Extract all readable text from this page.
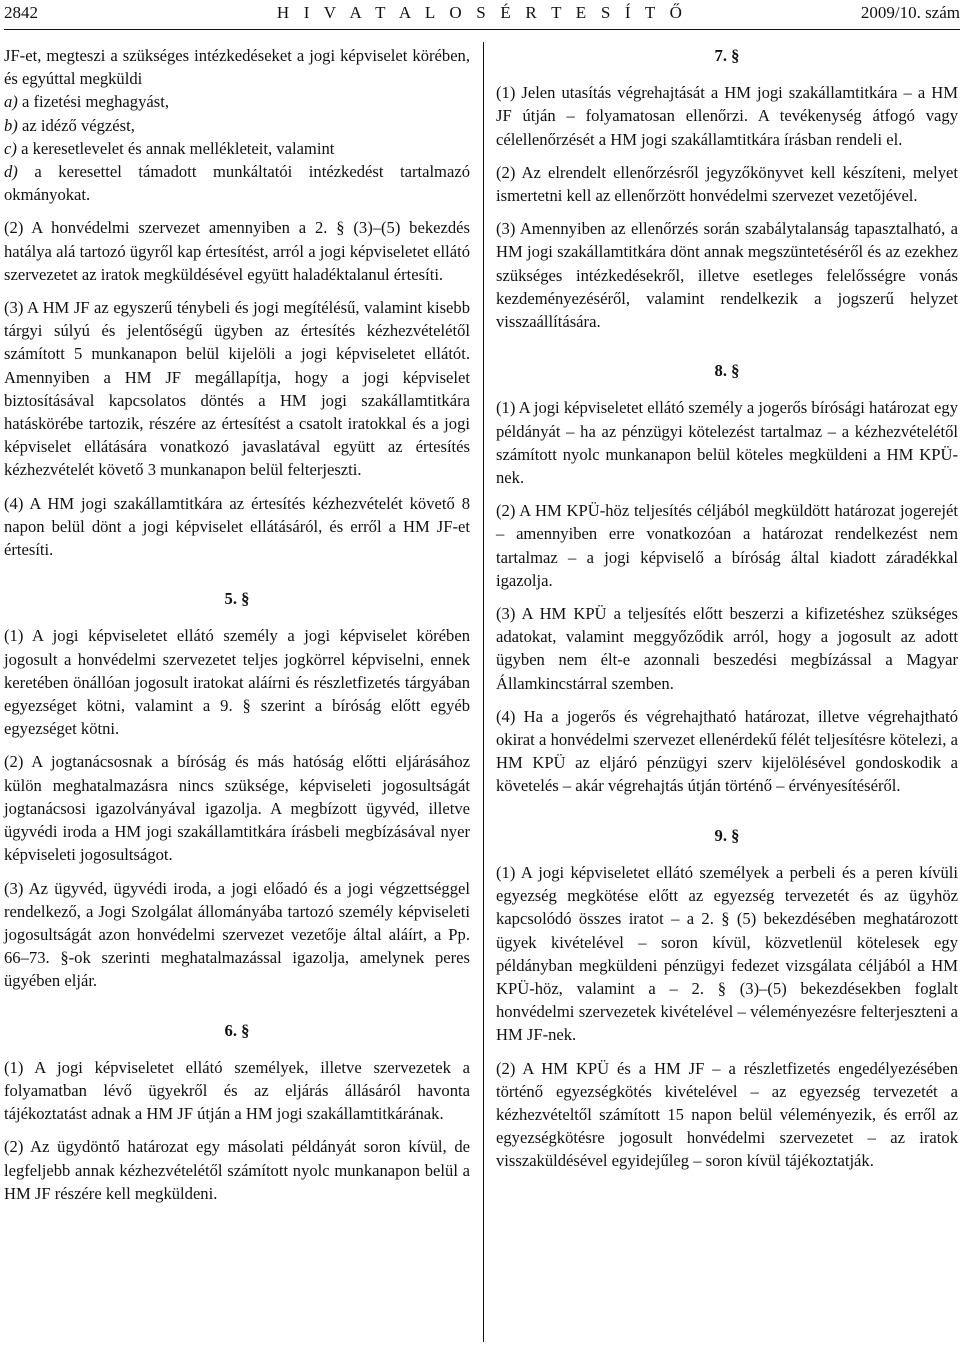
2842	H I V A T A L O S É R T E S Í T Ő	2009/10. szám

JF-et, megteszi a szükséges intézkedéseket a jogi képviselet körében, és egyúttal megküldi

a) a fizetési meghagyást,
b) az idéző végzést,
c) a keresetlevelet és annak mellékleteit, valamint
d) a keresettel támadott munkáltatói intézkedést tartalmazó okmányokat.

(2) A honvédelmi szervezet amennyiben a 2. § (3)–(5) bekezdés hatálya alá tartozó ügyről kap értesítést, arról a jogi képviseletet ellátó szervezetet az iratok megküldésével együtt haladéktalanul értesíti.

(3) A HM JF az egyszerű ténybeli és jogi megítélésű, valamint kisebb tárgyi súlyú és jelentőségű ügyben az értesítés kézhezvételétől számított 5 munkanapon belül kijelöli a jogi képviseletet ellátót. Amennyiben a HM JF megállapítja, hogy a jogi képviselet biztosításával kapcsolatos döntés a HM jogi szakállamtitkára hatáskörébe tartozik, részére az értesítést a csatolt iratokkal és a jogi képviselet ellátására vonatkozó javaslatával együtt az értesítés kézhezvételét követő 3 munkanapon belül felterjeszti.

(4) A HM jogi szakállamtitkára az értesítés kézhezvételét követő 8 napon belül dönt a jogi képviselet ellátásáról, és erről a HM JF-et értesíti.

5. §

(1) A jogi képviseletet ellátó személy a jogi képviselet körében jogosult a honvédelmi szervezetet teljes jogkörrel képviselni, ennek keretében önállóan jogosult iratokat aláírni és részletfizetés tárgyában egyezséget kötni, valamint a 9. § szerint a bíróság előtt egyéb egyezséget kötni.

(2) A jogtanácsosnak a bíróság és más hatóság előtti eljárásához külön meghatalmazásra nincs szüksége, képviseleti jogosultságát jogtanácsosi igazolványával igazolja. A megbízott ügyvéd, illetve ügyvédi iroda a HM jogi szakállamtitkára írásbeli megbízásával nyer képviseleti jogosultságot.

(3) Az ügyvéd, ügyvédi iroda, a jogi előadó és a jogi végzettséggel rendelkező, a Jogi Szolgálat állományába tartozó személy képviseleti jogosultságát azon honvédelmi szervezet vezetője által aláírt, a Pp. 66–73. §-ok szerinti meghatalmazással igazolja, amelynek peres ügyében eljár.

6. §

(1) A jogi képviseletet ellátó személyek, illetve szervezetek a folyamatban lévő ügyekről és az eljárás állásáról havonta tájékoztatást adnak a HM JF útján a HM jogi szakállamtitkárának.

(2) Az ügydöntő határozat egy másolati példányát soron kívül, de legfeljebb annak kézhezvételétől számított nyolc munkanapon belül a HM JF részére kell megküldeni.

7. §

(1) Jelen utasítás végrehajtását a HM jogi szakállamtitkára – a HM JF útján – folyamatosan ellenőrzi. A tevékenység átfogó vagy célellenőrzését a HM jogi szakállamtitkára írásban rendeli el.

(2) Az elrendelt ellenőrzésről jegyzőkönyvet kell készíteni, melyet ismertetni kell az ellenőrzött honvédelmi szervezet vezetőjével.

(3) Amennyiben az ellenőrzés során szabálytalanság tapasztalható, a HM jogi szakállamtitkára dönt annak megszüntetéséről és az ezekhez szükséges intézkedésekről, illetve esetleges felelősségre vonás kezdeményezéséről, valamint rendelkezik a jogszerű helyzet visszaállítására.

8. §

(1) A jogi képviseletet ellátó személy a jogerős bírósági határozat egy példányát – ha az pénzügyi kötelezést tartalmaz – a kézhezvételétől számított nyolc munkanapon belül köteles megküldeni a HM KPÜ-nek.

(2) A HM KPÜ-höz teljesítés céljából megküldött határozat jogerejét – amennyiben erre vonatkozóan a határozat rendelkezést nem tartalmaz – a jogi képviselő a bíróság által kiadott záradékkal igazolja.

(3) A HM KPÜ a teljesítés előtt beszerzi a kifizetéshez szükséges adatokat, valamint meggyőződik arról, hogy a jogosult az adott ügyben nem élt-e azonnali beszedési megbízással a Magyar Államkincstárral szemben.

(4) Ha a jogerős és végrehajtható határozat, illetve végrehajtható okirat a honvédelmi szervezet ellenérdekű félét teljesítésre kötelezi, a HM KPÜ az eljáró pénzügyi szerv kijelölésével gondoskodik a követelés – akár végrehajtás útján történő – érvényesítéséről.

9. §

(1) A jogi képviseletet ellátó személyek a perbeli és a peren kívüli egyezség megkötése előtt az egyezség tervezetét és az ügyhöz kapcsolódó összes iratot – a 2. § (5) bekezdésében meghatározott ügyek kivételével – soron kívül, közvetlenül kötelesek egy példányban megküldeni pénzügyi fedezet vizsgálata céljából a HM KPÜ-höz, valamint a – 2. § (3)–(5) bekezdésekben foglalt honvédelmi szervezetek kivételével – véleményezésre felterjeszteni a HM JF-nek.

(2) A HM KPÜ és a HM JF – a részletfizetés engedélyezésében történő egyezségkötés kivételével – az egyezség tervezetét a kézhezvételtől számított 15 napon belül véleményezik, és erről az egyezségkötésre jogosult honvédelmi szervezetet – az iratok visszaküldésével egyidejűleg – soron kívül tájékoztatják.
